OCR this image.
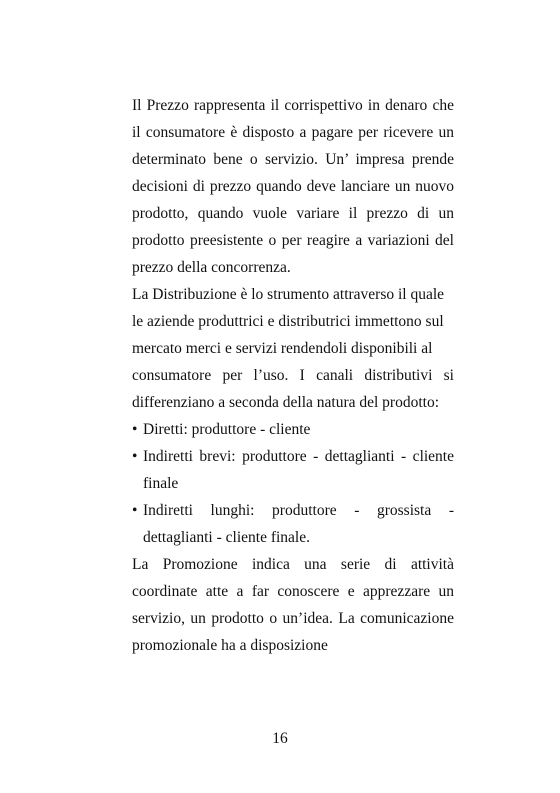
Il Prezzo rappresenta il corrispettivo in denaro che il consumatore è disposto a pagare per ricevere un determinato bene o servizio. Un’ impresa prende decisioni di prezzo quando deve lanciare un nuovo prodotto, quando vuole variare il prezzo di un prodotto preesistente o per reagire a variazioni del prezzo della concorrenza.

La Distribuzione è lo strumento attraverso il quale le aziende produttrici e distributrici immettono sul mercato merci e servizi rendendoli disponibili al

consumatore per l’uso. I canali distributivi si differenziano a seconda della natura del prodotto:

• Diretti: produttore - cliente
• Indiretti brevi: produttore - dettaglianti - cliente finale
• Indiretti lunghi: produttore - grossista - dettaglianti - cliente finale.

La Promozione indica una serie di attività coordinate atte a far conoscere e apprezzare un servizio, un prodotto o un’idea. La comunicazione promozionale ha a disposizione

16
